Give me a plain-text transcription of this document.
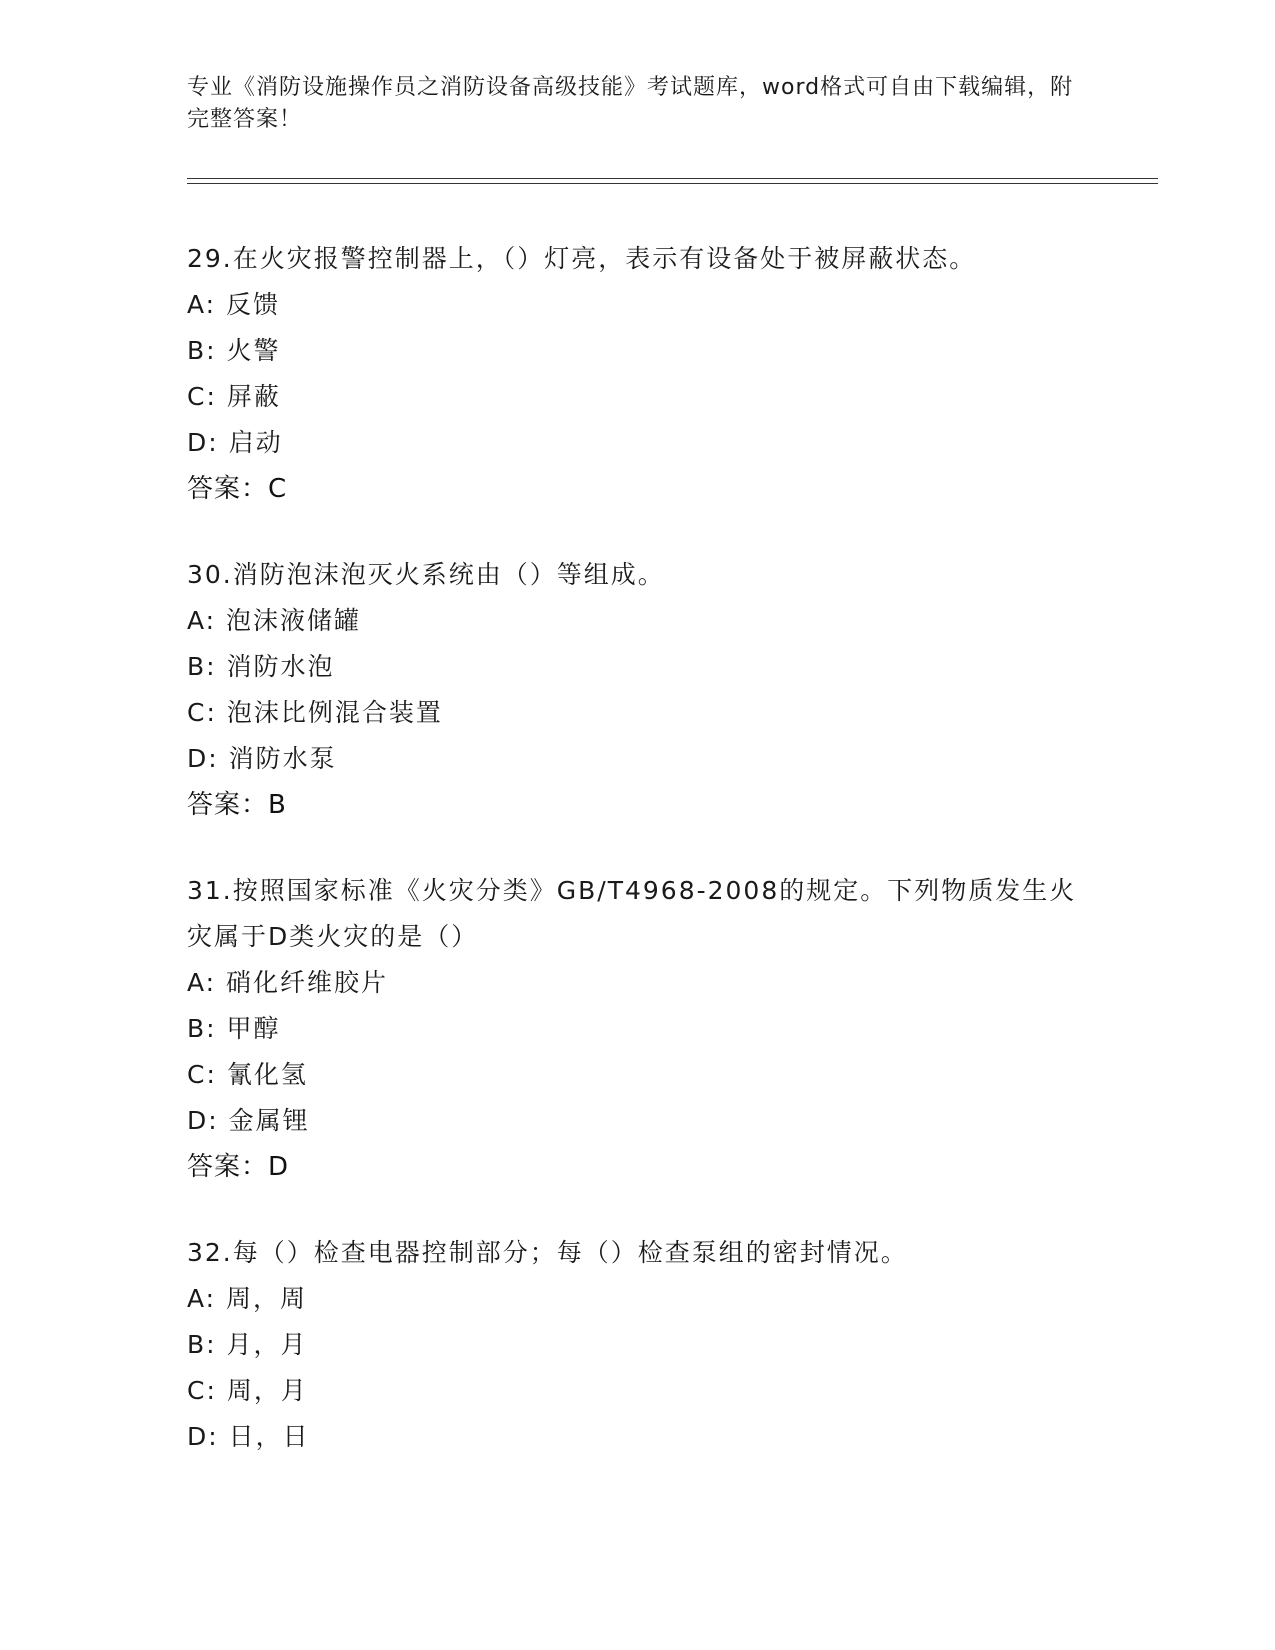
专业《消防设施操作员之消防设备高级技能》考试题库，word格式可自由下载编辑，附完整答案！

29.在火灾报警控制器上，（）灯亮，表示有设备处于被屏蔽状态。

A: 反馈

B: 火警

C: 屏蔽

D: 启动

答案：C

30.消防泡沫泡灭火系统由（）等组成。

A: 泡沫液储罐

B: 消防水泡

C: 泡沫比例混合装置

D: 消防水泵

答案：B

31.按照国家标准《火灾分类》GB/T4968-2008的规定。下列物质发生火灾属于D类火灾的是（）

A: 硝化纤维胶片

B: 甲醇

C: 氰化氢

D: 金属锂

答案：D

32.每（）检查电器控制部分；每（）检查泵组的密封情况。

A: 周，周

B: 月，月

C: 周，月

D: 日，日
